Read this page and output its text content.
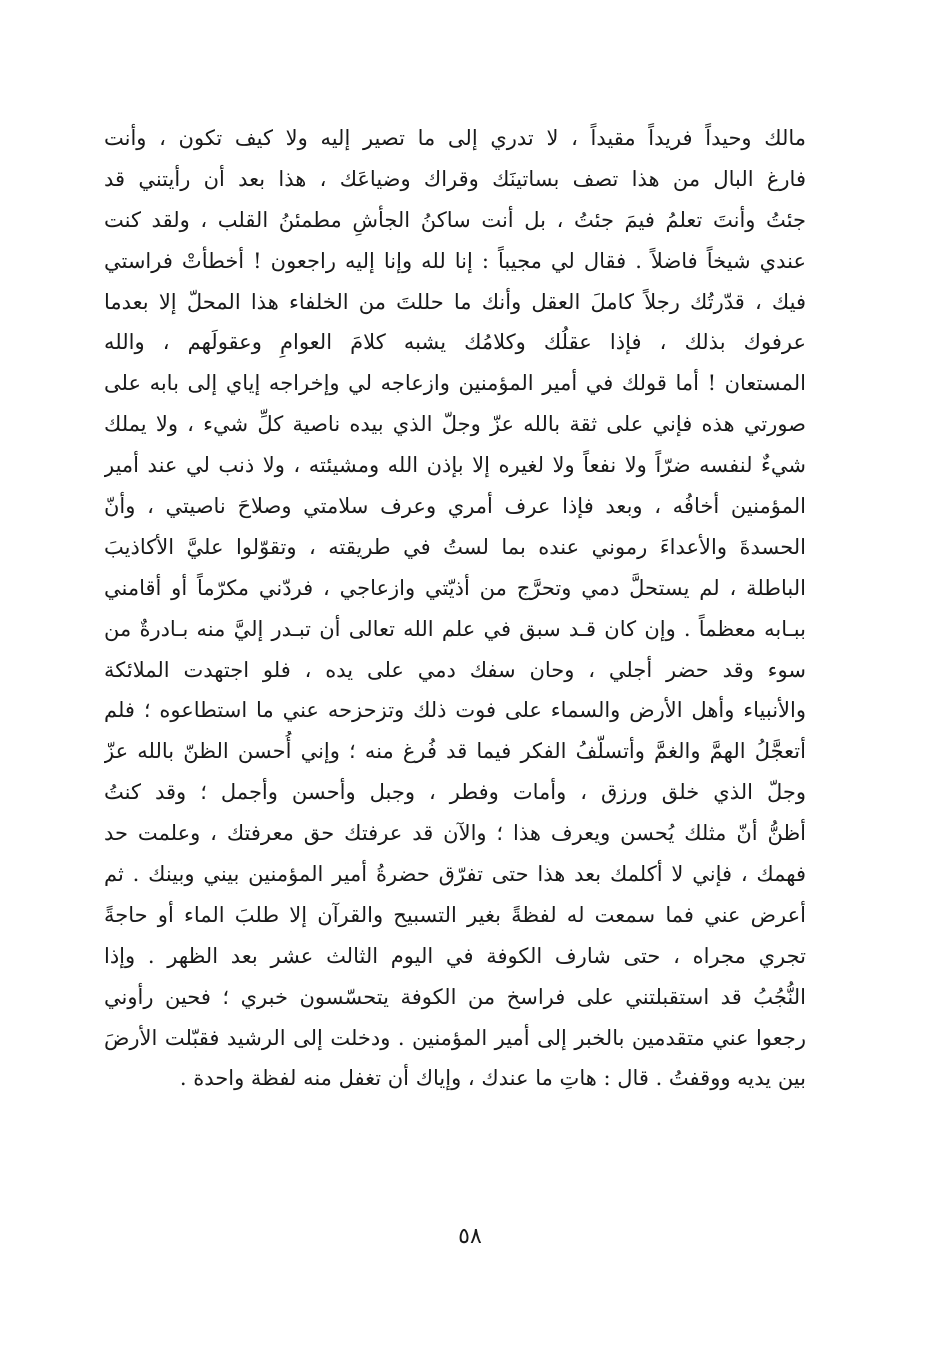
مالك وحيداً فريداً مقيداً ، لا تدري إلى ما تصير إليه ولا كيف تكون ، وأنت
فارغ البال من هذا تصف بساتينَك وقراك وضياعَك ، هذا بعد أن رأيتني قد
جئتُ وأنتَ تعلمُ فيمَ جئتُ ، بل أنت ساكنُ الجأشِ مطمئنُ القلب ، ولقد كنت
عندي شيخاً فاضلاً . فقال لي مجيباً : إنا لله وإنا إليه راجعون ! أخطأتْ فراستي
فيك ، قدّرتُك رجلاً كاملَ العقل وأنك ما حللتَ من الخلفاء هذا المحلّ إلا بعدما
عرفوك بذلك ، فإذا عقلُك وكلامُك يشبه كلامَ العوامِ وعقولَهم ، والله
المستعان ! أما قولك في أمير المؤمنين وازعاجه لي وإخراجه إياي إلى بابه على
صورتي هذه فإني على ثقة بالله عزّ وجلّ الذي بيده ناصية كلِّ شيء ، ولا يملك
شيءٌ لنفسه ضرّاً ولا نفعاً ولا لغيره إلا بإذن الله ومشيئته ، ولا ذنب لي عند أمير
المؤمنين أخافُه ، وبعد فإذا عرف أمري وعرف سلامتي وصلاحَ ناصيتي ، وأنّ
الحسدةَ والأعداءَ رموني عنده بما لستُ في طريقته ، وتقوّلوا عليَّ الأكاذيبَ
الباطلة ، لم يستحلَّ دمي وتحرَّج من أذيّتي وازعاجي ، فردّني مكرّماً أو أقامني
ببـابه معظماً . وإن كان قـد سبق في علم الله تعالى أن تبـدر إليَّ منه بـادرةٌ من
سوء وقد حضر أجلي ، وحان سفك دمي على يده ، فلو اجتهدت الملائكة
والأنبياء وأهل الأرض والسماء على فوت ذلك وتزحزحه عني ما استطاعوه ؛ فلم
أتعجَّلُ الهمَّ والغمَّ وأتسلّفُ الفكر فيما قد فُرغ منه ؛ وإني أُحسن الظنّ بالله عزّ
وجلّ الذي خلق ورزق ، وأمات وفطر ، وجبل وأحسن وأجمل ؛ وقد كنتُ
أظنُّ أنّ مثلك يُحسن ويعرف هذا ؛ والآن قد عرفتك حق معرفتك ، وعلمت حد
فهمك ، فإني لا أكلمك بعد هذا حتى تفرّق حضرةُ أمير المؤمنين بيني وبينك . ثم
أعرض عني فما سمعت له لفظةً بغير التسبيح والقرآن إلا طلبَ الماء أو حاجةً
تجري مجراه ، حتى شارف الكوفة في اليوم الثالث عشر بعد الظهر . وإذا
النُّجُبُ قد استقبلتني على فراسخ من الكوفة يتحسّسون خبري ؛ فحين رأوني
رجعوا عني متقدمين بالخبر إلى أمير المؤمنين . ودخلت إلى الرشيد فقبّلت الأرضَ
بين يديه ووقفتُ . قال : هاتِ ما عندك ، وإياك أن تغفل منه لفظة واحدة .
٥٨
